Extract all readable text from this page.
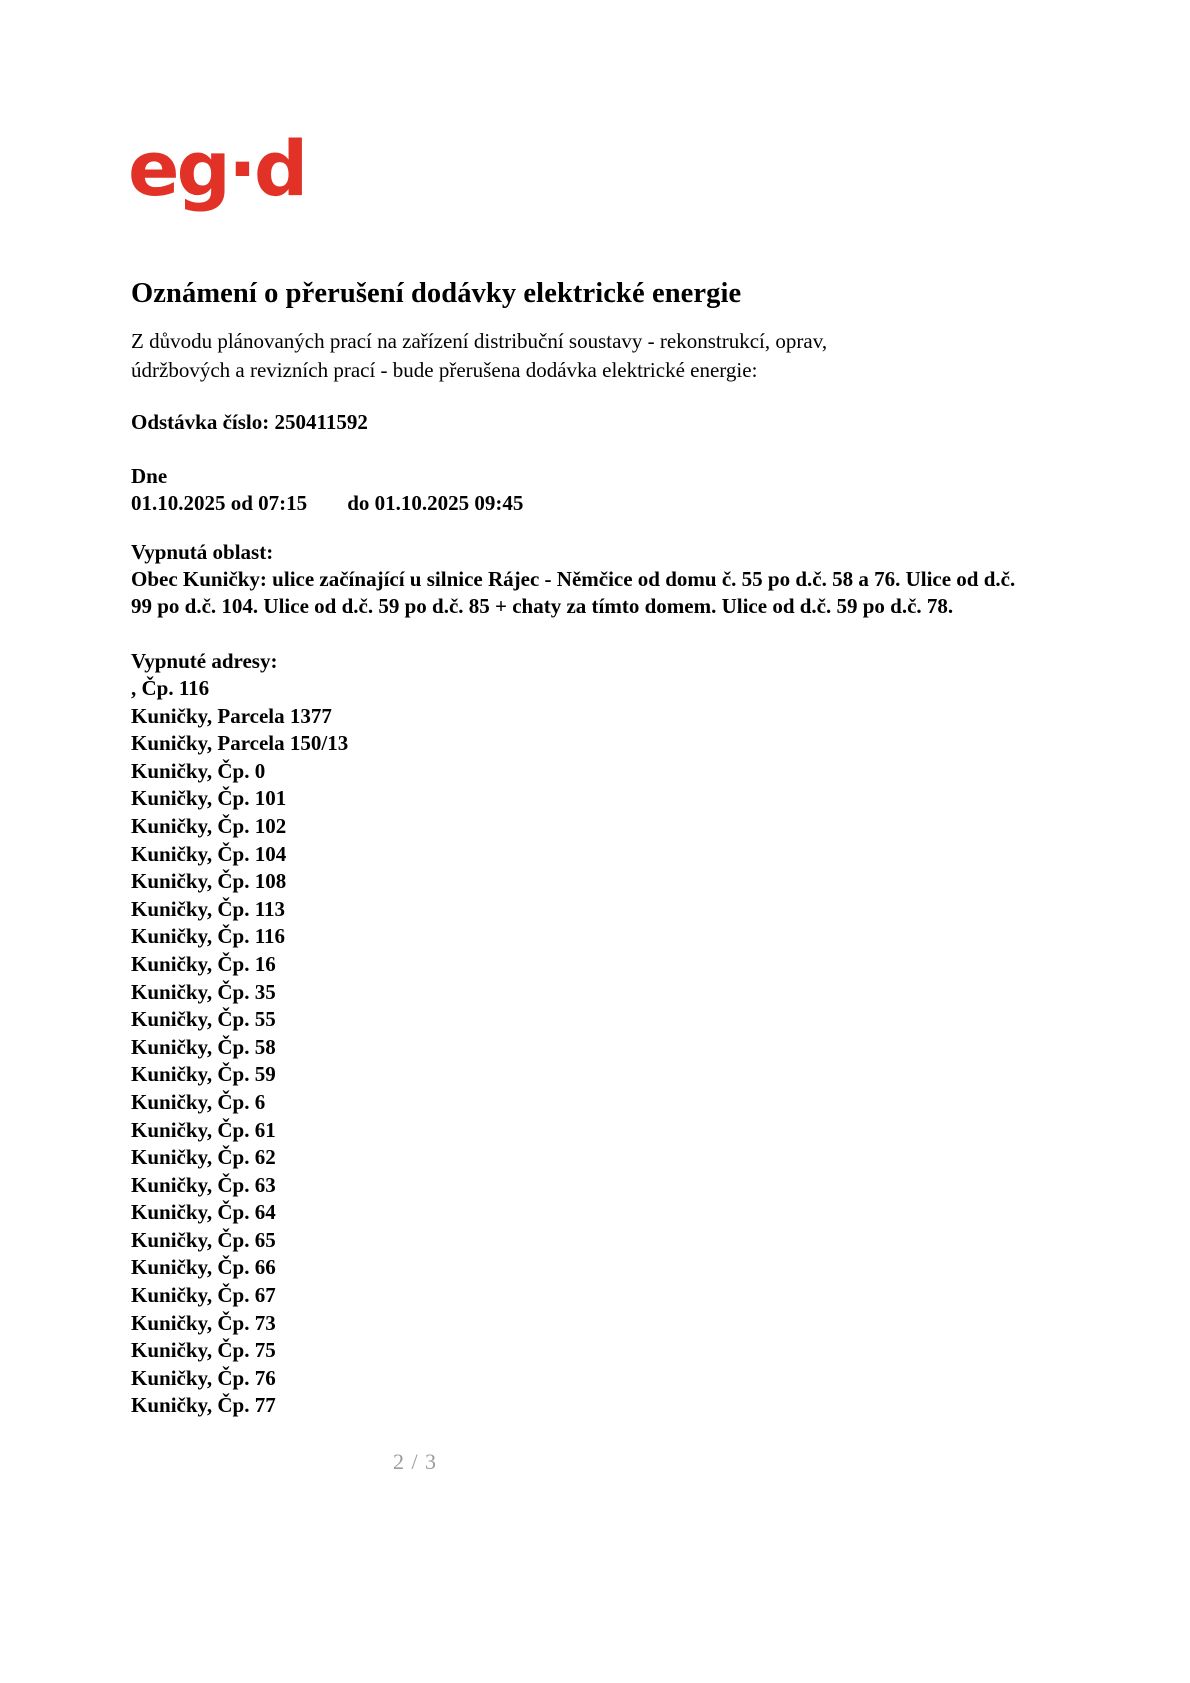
eg·d
Oznámení o přerušení dodávky elektrické energie
Z důvodu plánovaných prací na zařízení distribuční soustavy - rekonstrukcí, oprav,
údržbových a revizních prací - bude přerušena dodávka elektrické energie:
Odstávka číslo: 250411592
Dne
01.10.2025 od 07:15 do 01.10.2025 09:45
Vypnutá oblast:
Obec Kuničky: ulice začínající u silnice Rájec - Němčice od domu č. 55 po d.č. 58 a 76. Ulice od d.č.
99 po d.č. 104. Ulice od d.č. 59 po d.č. 85 + chaty za tímto domem. Ulice od d.č. 59 po d.č. 78.
Vypnuté adresy:
, Čp. 116
Kuničky, Parcela 1377
Kuničky, Parcela 150/13
Kuničky, Čp. 0
Kuničky, Čp. 101
Kuničky, Čp. 102
Kuničky, Čp. 104
Kuničky, Čp. 108
Kuničky, Čp. 113
Kuničky, Čp. 116
Kuničky, Čp. 16
Kuničky, Čp. 35
Kuničky, Čp. 55
Kuničky, Čp. 58
Kuničky, Čp. 59
Kuničky, Čp. 6
Kuničky, Čp. 61
Kuničky, Čp. 62
Kuničky, Čp. 63
Kuničky, Čp. 64
Kuničky, Čp. 65
Kuničky, Čp. 66
Kuničky, Čp. 67
Kuničky, Čp. 73
Kuničky, Čp. 75
Kuničky, Čp. 76
Kuničky, Čp. 77
2 / 3
